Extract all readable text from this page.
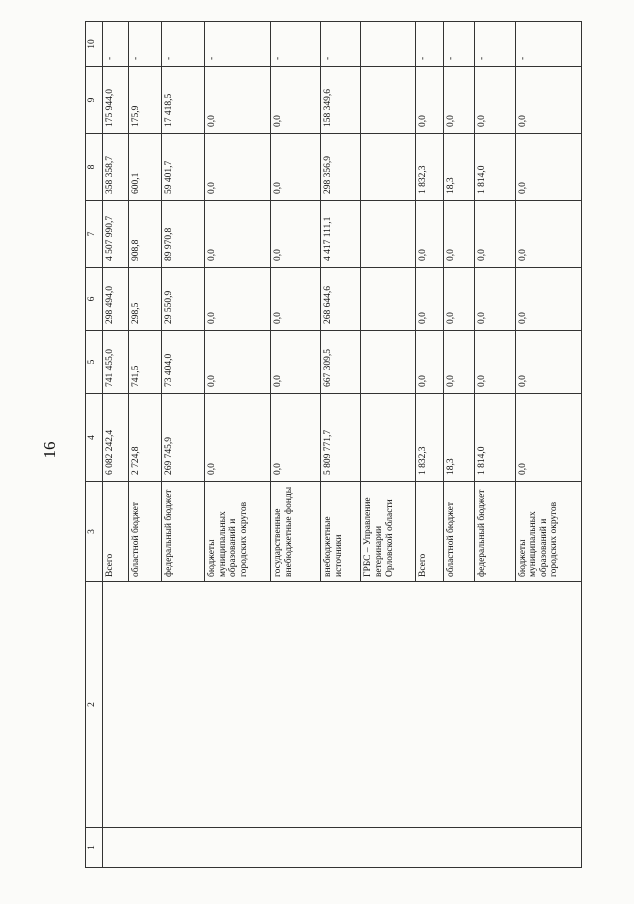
16
1	2	3	4	5	6	7	8	9	10
		Всего	6 082 242,4	741 455,0	298 494,0	4 507 990,7	358 358,7	175 944,0	-
		областной бюджет	2 724,8	741,5	298,5	908,8	600,1	175,9	-
		федеральный бюджет	269 745,9	73 404,0	29 550,9	89 970,8	59 401,7	17 418,5	-
		бюджеты муниципальных образований и городских округов	0,0	0,0	0,0	0,0	0,0	0,0	-
		государственные внебюджетные фонды	0,0	0,0	0,0	0,0	0,0	0,0	-
		внебюджетные источники	5 809 771,7	667 309,5	268 644,6	4 417 111,1	298 356,9	158 349,6	-
		ГРБС – Управление ветеринарии Орловской области							
		Всего	1 832,3	0,0	0,0	0,0	1 832,3	0,0	-
		областной бюджет	18,3	0,0	0,0	0,0	18,3	0,0	-
		федеральный бюджет	1 814,0	0,0	0,0	0,0	1 814,0	0,0	-
		бюджеты муниципальных образований и городских округов	0,0	0,0	0,0	0,0	0,0	0,0	-
